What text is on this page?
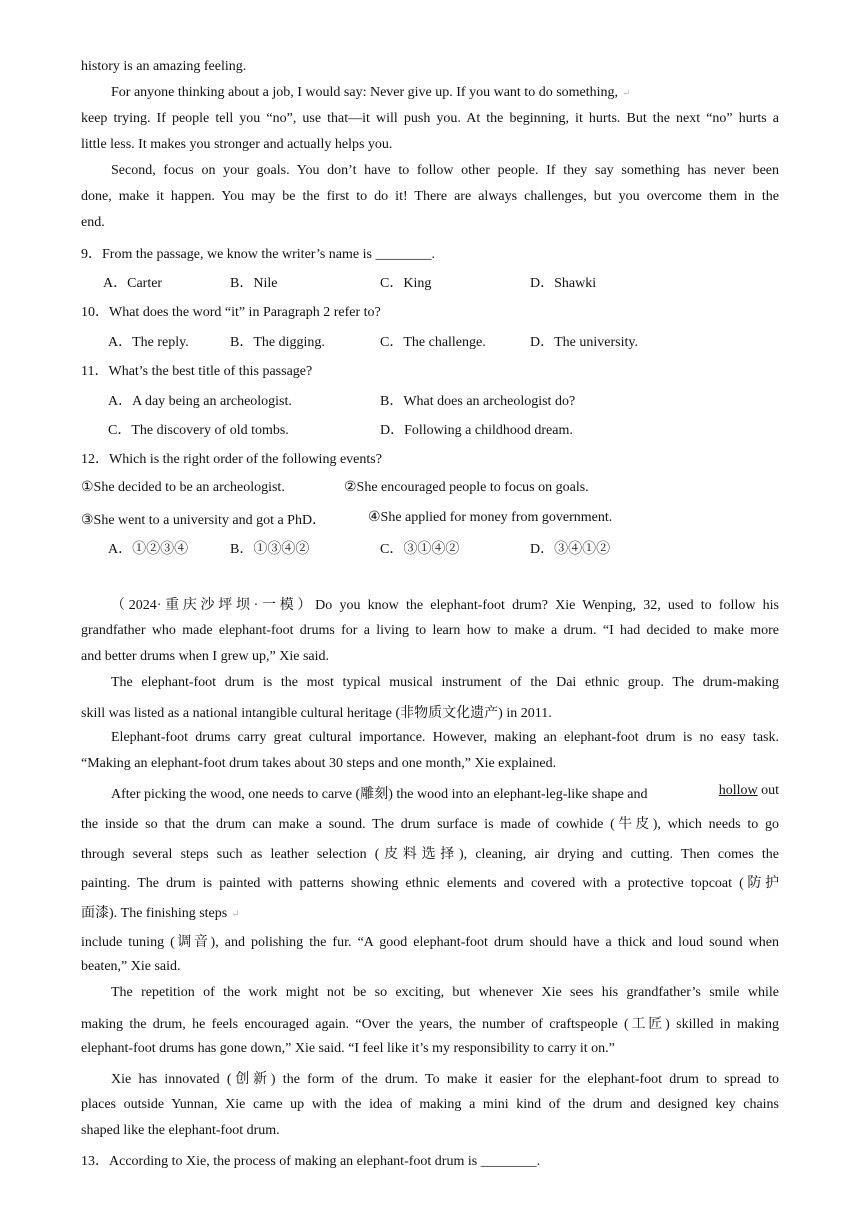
history is an amazing feeling.
For anyone thinking about a job, I would say: Never give up. If you want to do something, ↵
keep trying. If people tell you “no”, use that—it will push you. At the beginning, it hurts. But the next “no” hurts a
little less. It makes you stronger and actually helps you.
Second, focus on your goals. You don’t have to follow other people. If they say something has never been
done, make it happen. You may be the first to do it! There are always challenges, but you overcome them in the
end.
9．From the passage, we know the writer’s name is ________.
A．Carter	B．Nile	C．King	D．Shawki
10．What does the word “it” in Paragraph 2 refer to?
A．The reply.	B．The digging.	C．The challenge.	D．The university.
11．What’s the best title of this passage?
A．A day being an archeologist.	B．What does an archeologist do?
C．The discovery of old tombs.	D．Following a childhood dream.
12．Which is the right order of the following events?
①She decided to be an archeologist.	②She encouraged people to focus on goals.
③She went to a university and got a PhD．	④She applied for money from government.
A．①②③④	B．①③④②	C．③①④②	D．③④①②
（2024·重庆沙坪坝·一模）Do you know the elephant-foot drum? Xie Wenping, 32, used to follow his
grandfather who made elephant-foot drums for a living to learn how to make a drum. “I had decided to make more
and better drums when I grew up,” Xie said.
The elephant-foot drum is the most typical musical instrument of the Dai ethnic group. The drum-making
skill was listed as a national intangible cultural heritage (非物质文化遗产) in 2011.
Elephant-foot drums carry great cultural importance. However, making an elephant-foot drum is no easy task.
“Making an elephant-foot drum takes about 30 steps and one month,” Xie explained.
After picking the wood, one needs to carve (雕刻) the wood into an elephant-leg-like shape and	hollow out
the inside so that the drum can make a sound. The drum surface is made of cowhide (牛皮), which needs to go
through several steps such as leather selection (皮料选择), cleaning, air drying and cutting. Then comes the
painting. The drum is painted with patterns showing ethnic elements and covered with a protective topcoat (防护
面漆). The finishing steps ↵
include tuning (调音), and polishing the fur. “A good elephant-foot drum should have a thick and loud sound when
beaten,” Xie said.
The repetition of the work might not be so exciting, but whenever Xie sees his grandfather’s smile while
making the drum, he feels encouraged again. “Over the years, the number of craftspeople (工匠) skilled in making
elephant-foot drums has gone down,” Xie said. “I feel like it’s my responsibility to carry it on.”
Xie has innovated (创新) the form of the drum. To make it easier for the elephant-foot drum to spread to
places outside Yunnan, Xie came up with the idea of making a mini kind of the drum and designed key chains
shaped like the elephant-foot drum.
13．According to Xie, the process of making an elephant-foot drum is ________.
